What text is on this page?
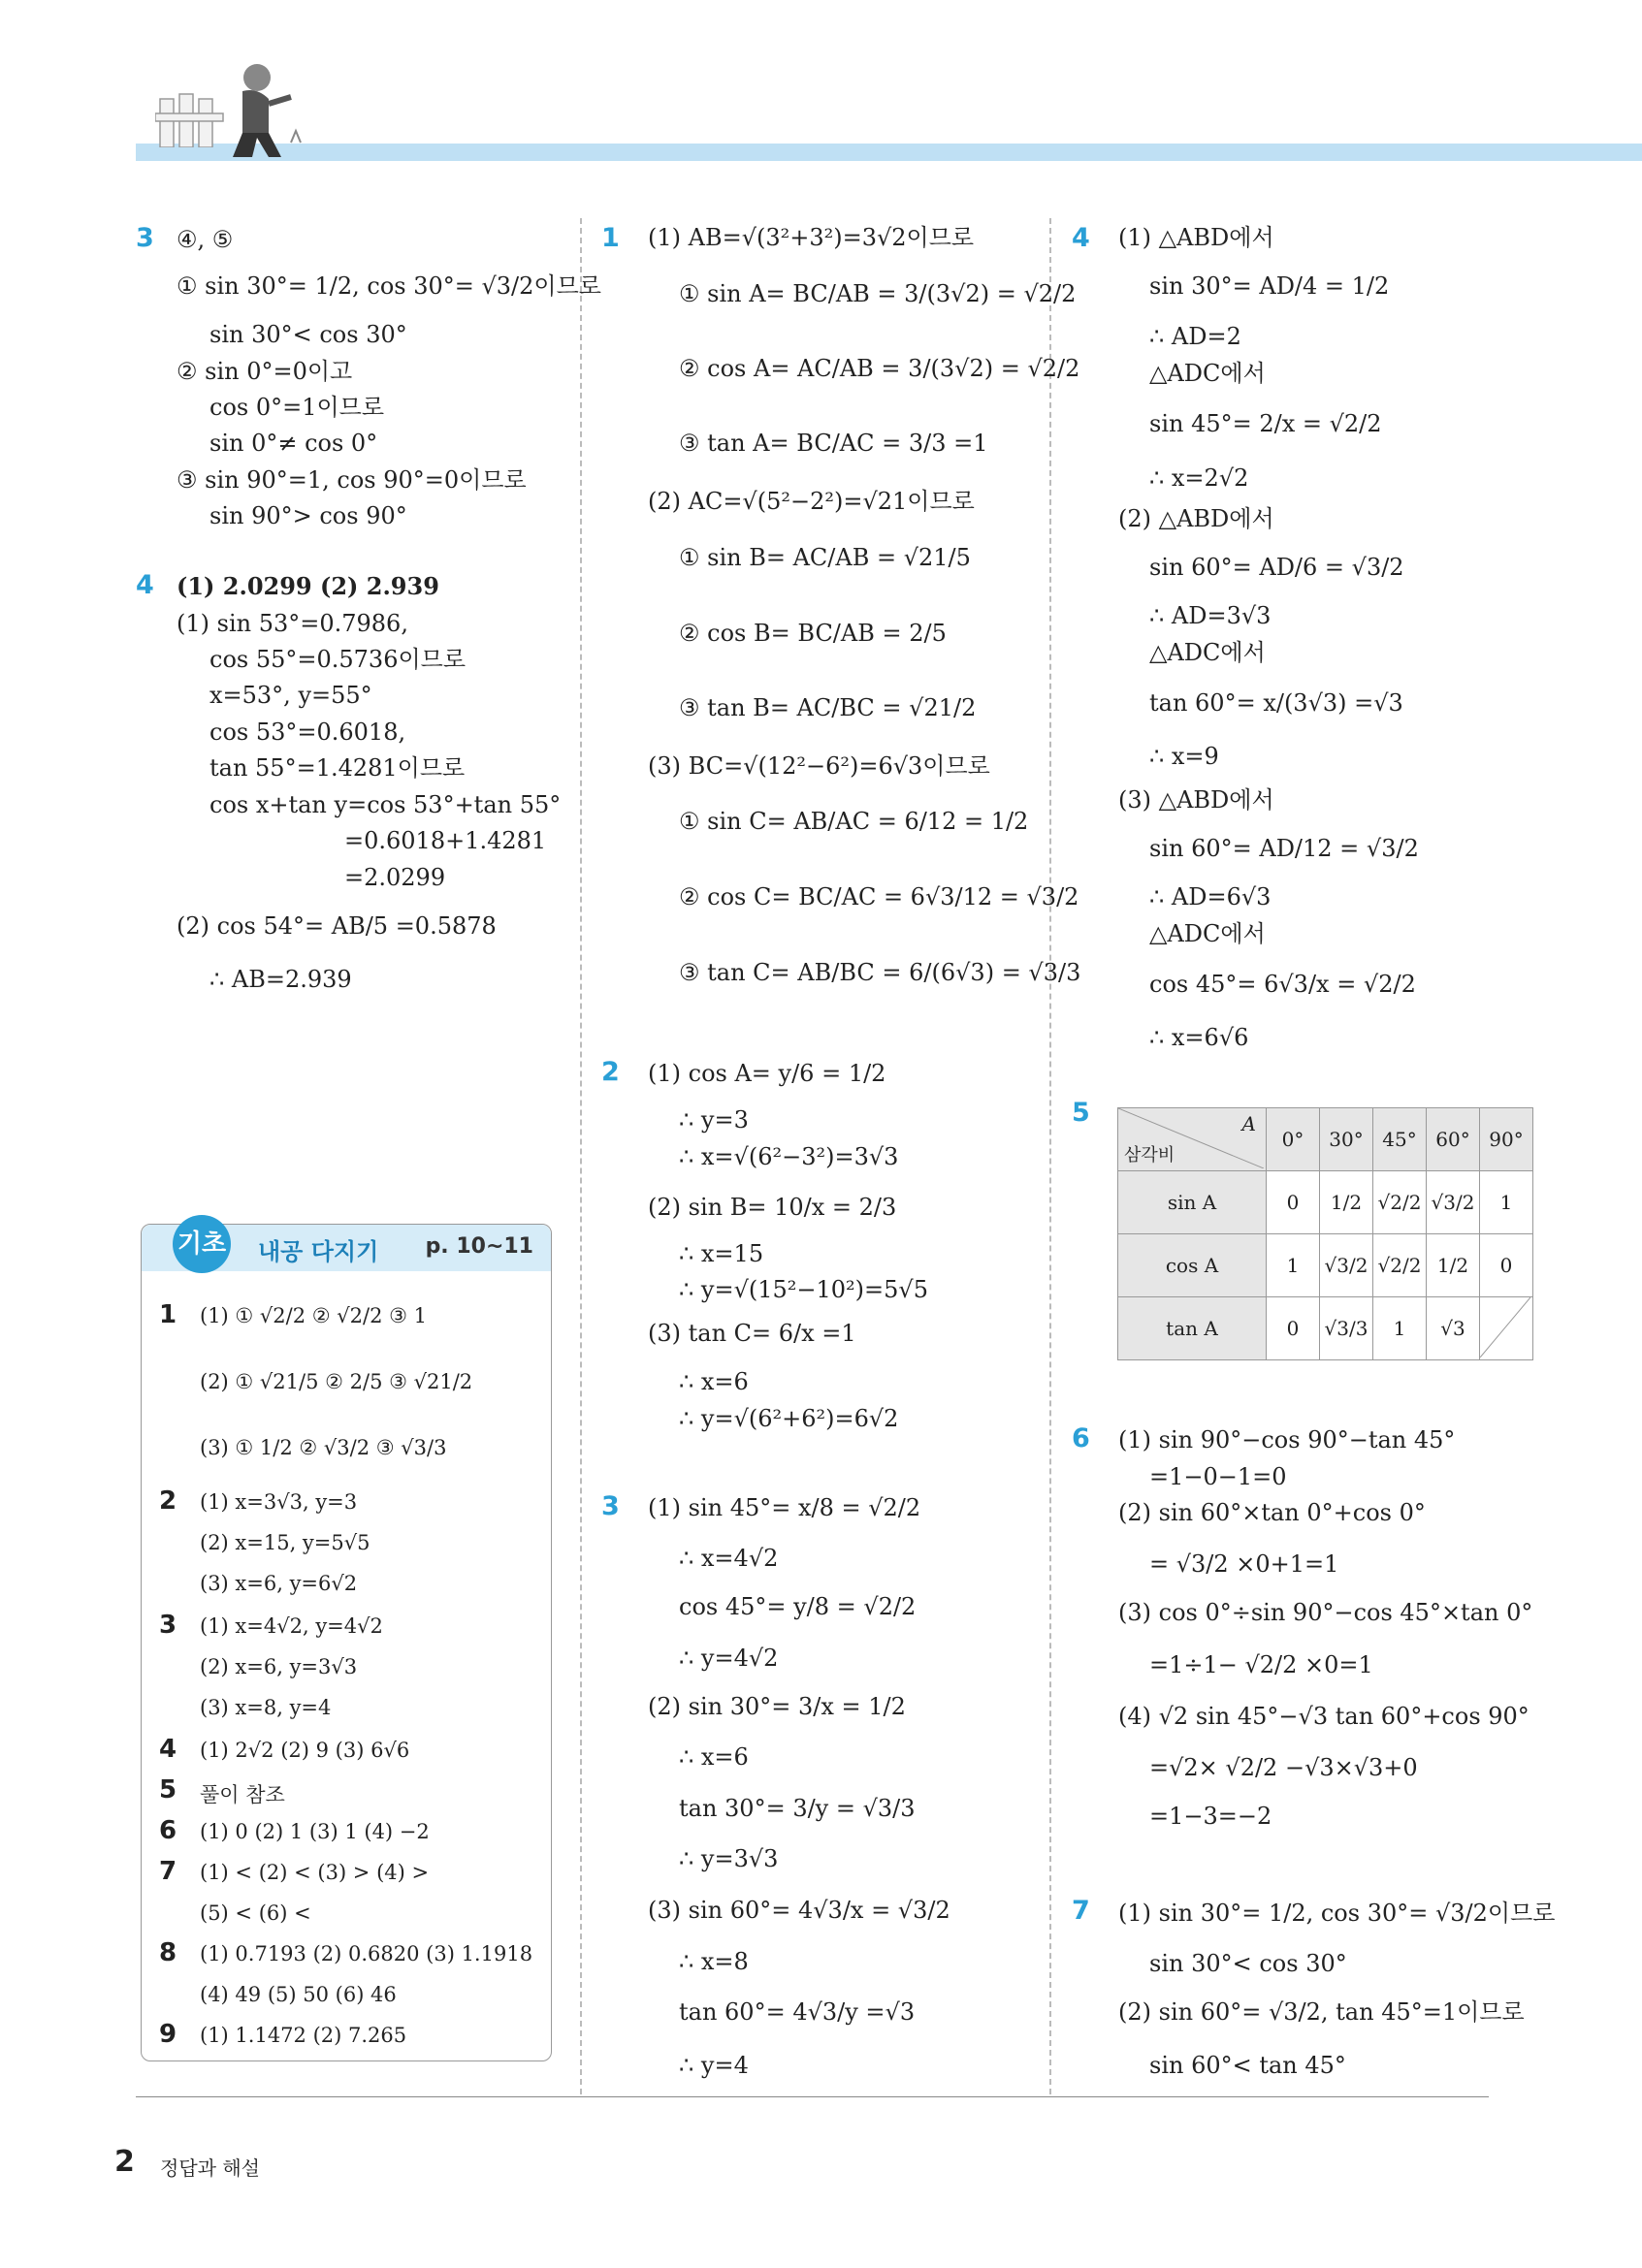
3 ④, ⑤
① sin 30°= 1/2, cos 30°= √3/2이므로
sin 30°< cos 30°
② sin 0°=0이고
cos 0°=1이므로
sin 0°≠ cos 0°
③ sin 90°=1, cos 90°=0이므로
sin 90°> cos 90°
4 (1) 2.0299 (2) 2.939
(1) sin 53°=0.7986,
cos 55°=0.5736이므로
x=53°, y=55°
cos 53°=0.6018,
tan 55°=1.4281이므로
cos x+tan y=cos 53°+tan 55°
=0.6018+1.4281
=2.0299
(2) cos 54°= AB/5 =0.5878
∴ AB=2.939
기초 내공 다지기 p. 10~11
1 (1) ① √2/2 ② √2/2 ③ 1
(2) ① √21/5 ② 2/5 ③ √21/2
(3) ① 1/2 ② √3/2 ③ √3/3
2 (1) x=3√3, y=3
(2) x=15, y=5√5
(3) x=6, y=6√2
3 (1) x=4√2, y=4√2
(2) x=6, y=3√3
(3) x=8, y=4
4 (1) 2√2 (2) 9 (3) 6√6
5 풀이 참조
6 (1) 0 (2) 1 (3) 1 (4) −2
7 (1) < (2) < (3) > (4) >
(5) < (6) <
8 (1) 0.7193 (2) 0.6820 (3) 1.1918
(4) 49 (5) 50 (6) 46
9 (1) 1.1472 (2) 7.265
1 (1) AB=√(3²+3²)=3√2이므로
① sin A= BC/AB = 3/(3√2) = √2/2
② cos A= AC/AB = 3/(3√2) = √2/2
③ tan A= BC/AC = 3/3 =1
(2) AC=√(5²−2²)=√21이므로
① sin B= AC/AB = √21/5
② cos B= BC/AB = 2/5
③ tan B= AC/BC = √21/2
(3) BC=√(12²−6²)=6√3이므로
① sin C= AB/AC = 6/12 = 1/2
② cos C= BC/AC = 6√3/12 = √3/2
③ tan C= AB/BC = 6/(6√3) = √3/3
2 (1) cos A= y/6 = 1/2
∴ y=3
∴ x=√(6²−3²)=3√3
(2) sin B= 10/x = 2/3
∴ x=15
∴ y=√(15²−10²)=5√5
(3) tan C= 6/x =1
∴ x=6
∴ y=√(6²+6²)=6√2
3 (1) sin 45°= x/8 = √2/2
∴ x=4√2
cos 45°= y/8 = √2/2
∴ y=4√2
(2) sin 30°= 3/x = 1/2
∴ x=6
tan 30°= 3/y = √3/3
∴ y=3√3
(3) sin 60°= 4√3/x = √3/2
∴ x=8
tan 60°= 4√3/y =√3
∴ y=4
4 (1) △ABD에서
sin 30°= AD/4 = 1/2
∴ AD=2
△ADC에서
sin 45°= 2/x = √2/2
∴ x=2√2
(2) △ABD에서
sin 60°= AD/6 = √3/2
∴ AD=3√3
△ADC에서
tan 60°= x/(3√3) =√3
∴ x=9
(3) △ABD에서
sin 60°= AD/12 = √3/2
∴ AD=6√3
△ADC에서
cos 45°= 6√3/x = √2/2
∴ x=6√6
5
6 (1) sin 90°−cos 90°−tan 45°
=1−0−1=0
(2) sin 60°×tan 0°+cos 0°
= √3/2 ×0+1=1
(3) cos 0°÷sin 90°−cos 45°×tan 0°
=1÷1− √2/2 ×0=1
(4) √2 sin 45°−√3 tan 60°+cos 90°
=√2× √2/2 −√3×√3+0
=1−3=−2
7 (1) sin 30°= 1/2, cos 30°= √3/2이므로
sin 30°< cos 30°
(2) sin 60°= √3/2, tan 45°=1이므로
sin 60°< tan 45°
A
삼각비	0°	30°	45°	60°	90°
sin A	0	1/2	√2/2	√3/2	1
cos A	1	√3/2	√2/2	1/2	0
tan A	0	√3/3	1	√3	
2 정답과 해설
